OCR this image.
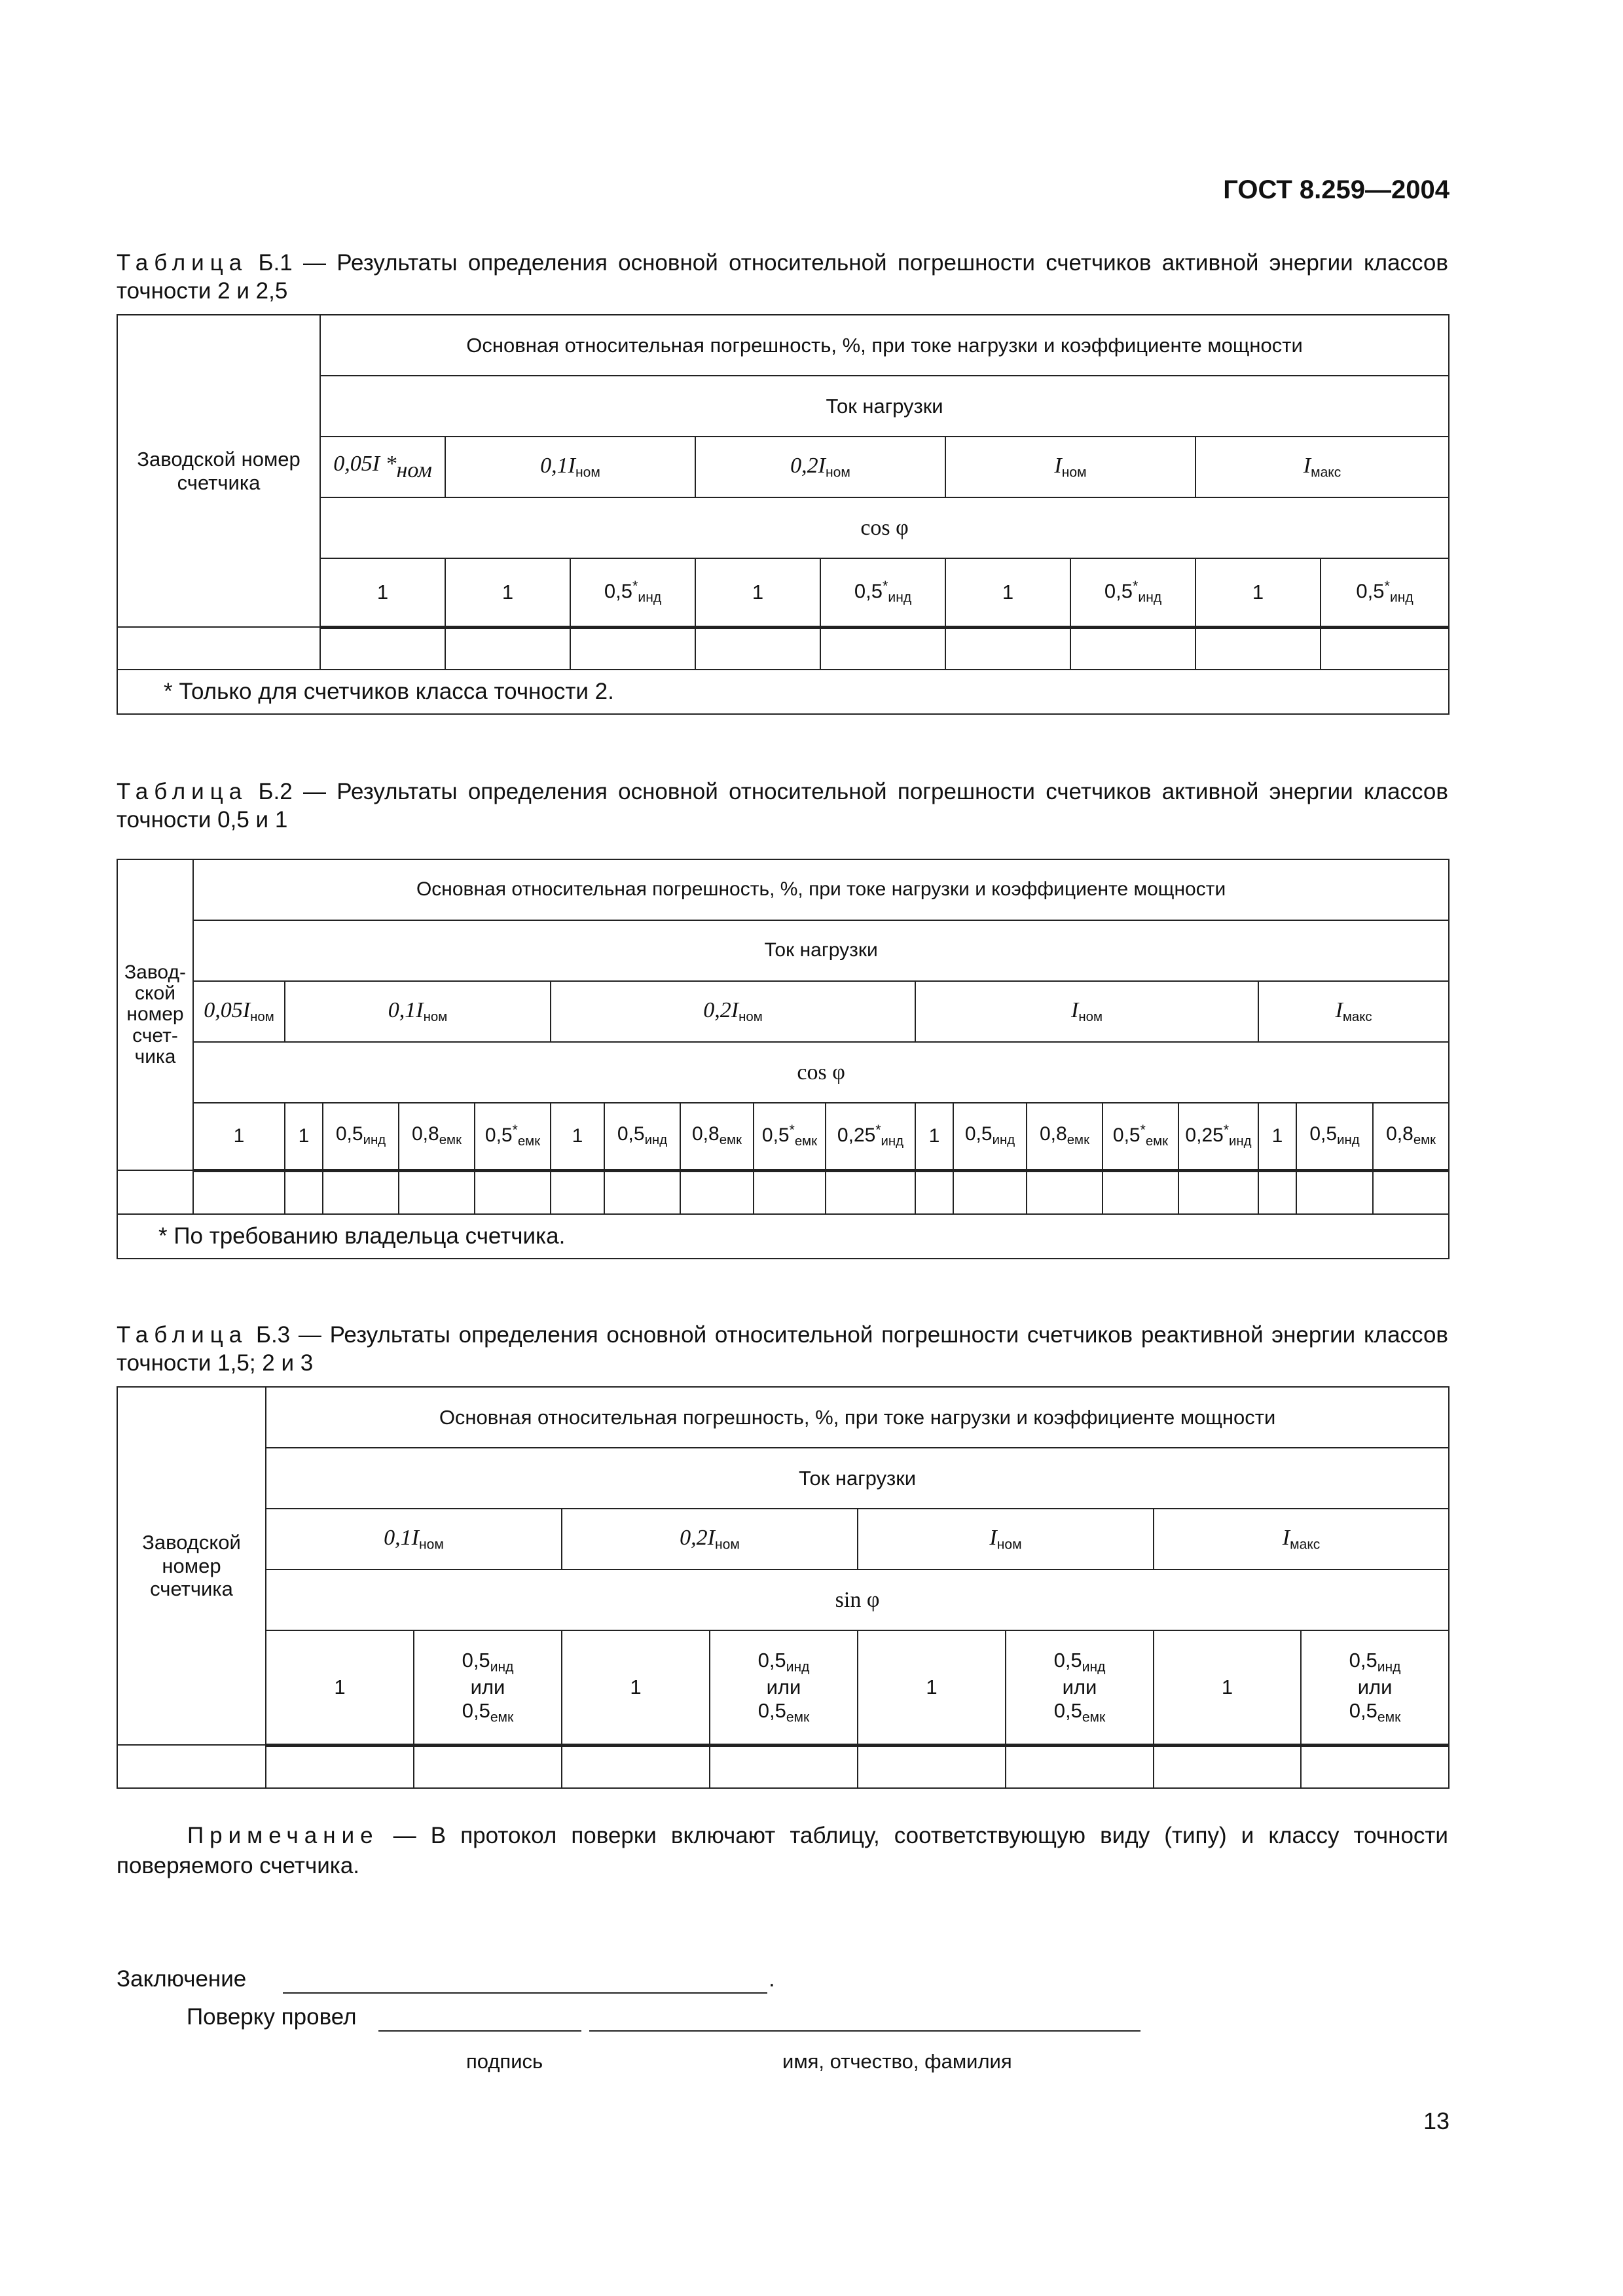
ГОСТ 8.259—2004
Таблица Б.1 — Результаты определения основной относительной погрешности счетчиков активной энергии классов точности 2 и 2,5
Заводской номер счетчика	Основная относительная погрешность, %, при токе нагрузки и коэффициенте мощности								
	Ток нагрузки								
	0,05I $*_{ном}$	$0,1I_{ном}$		$0,2I_{ном}$		$I_{ном}$		$I_{макс}$
	cos φ								
	1	1	$0,5^*_{инд}$	1	$0,5^*_{инд}$	1	$0,5^*_{инд}$	1	$0,5^*_{инд}$

* Только для счетчиков класса точности 2.									
Таблица Б.2 — Результаты определения основной относительной погрешности счетчиков активной энергии классов точности 0,5 и 1
Завод-
ской
номер
счет-
чика	Основная относительная погрешность, %, при токе нагрузки и коэффициенте мощности																	
	Ток нагрузки																	
	$0,05I_{ном}$	$0,1I_{ном}$				$0,2I_{ном}$					$I_{ном}$					$I_{макс}$
	cos φ																	
	1	1	$0,5_{инд}$	$0,8_{емк}$	$0,5^*_{емк}$	1	$0,5_{инд}$	$0,8_{емк}$	$0,5^*_{емк}$	$0,25^*_{инд}$	1	$0,5_{инд}$	$0,8_{емк}$	$0,5^*_{емк}$	$0,25^*_{инд}$	1	$0,5_{инд}$	$0,8_{емк}$

* По требованию владельца счетчика.																		
Таблица Б.3 — Результаты определения основной относительной погрешности счетчиков реактивной энергии классов точности 1,5; 2 и 3
Заводской
номер
счетчика	Основная относительная погрешность, %, при токе нагрузки и коэффициенте мощности							
	Ток нагрузки							
	$0,1I_{ном}$		$0,2I_{ном}$		$I_{ном}$		$I_{макс}$
	sin φ							
	1	$0,5_{инд}$
или
$0,5_{емк}$	1	$0,5_{инд}$
или
$0,5_{емк}$	1	$0,5_{инд}$
или
$0,5_{емк}$	1	$0,5_{инд}$
или
$0,5_{емк}$

Примечание — В протокол поверки включают таблицу, соответствующую виду (типу) и классу точности поверяемого счетчика.
Заключение	.
Поверку провел
подпись	имя, отчество, фамилия
13
